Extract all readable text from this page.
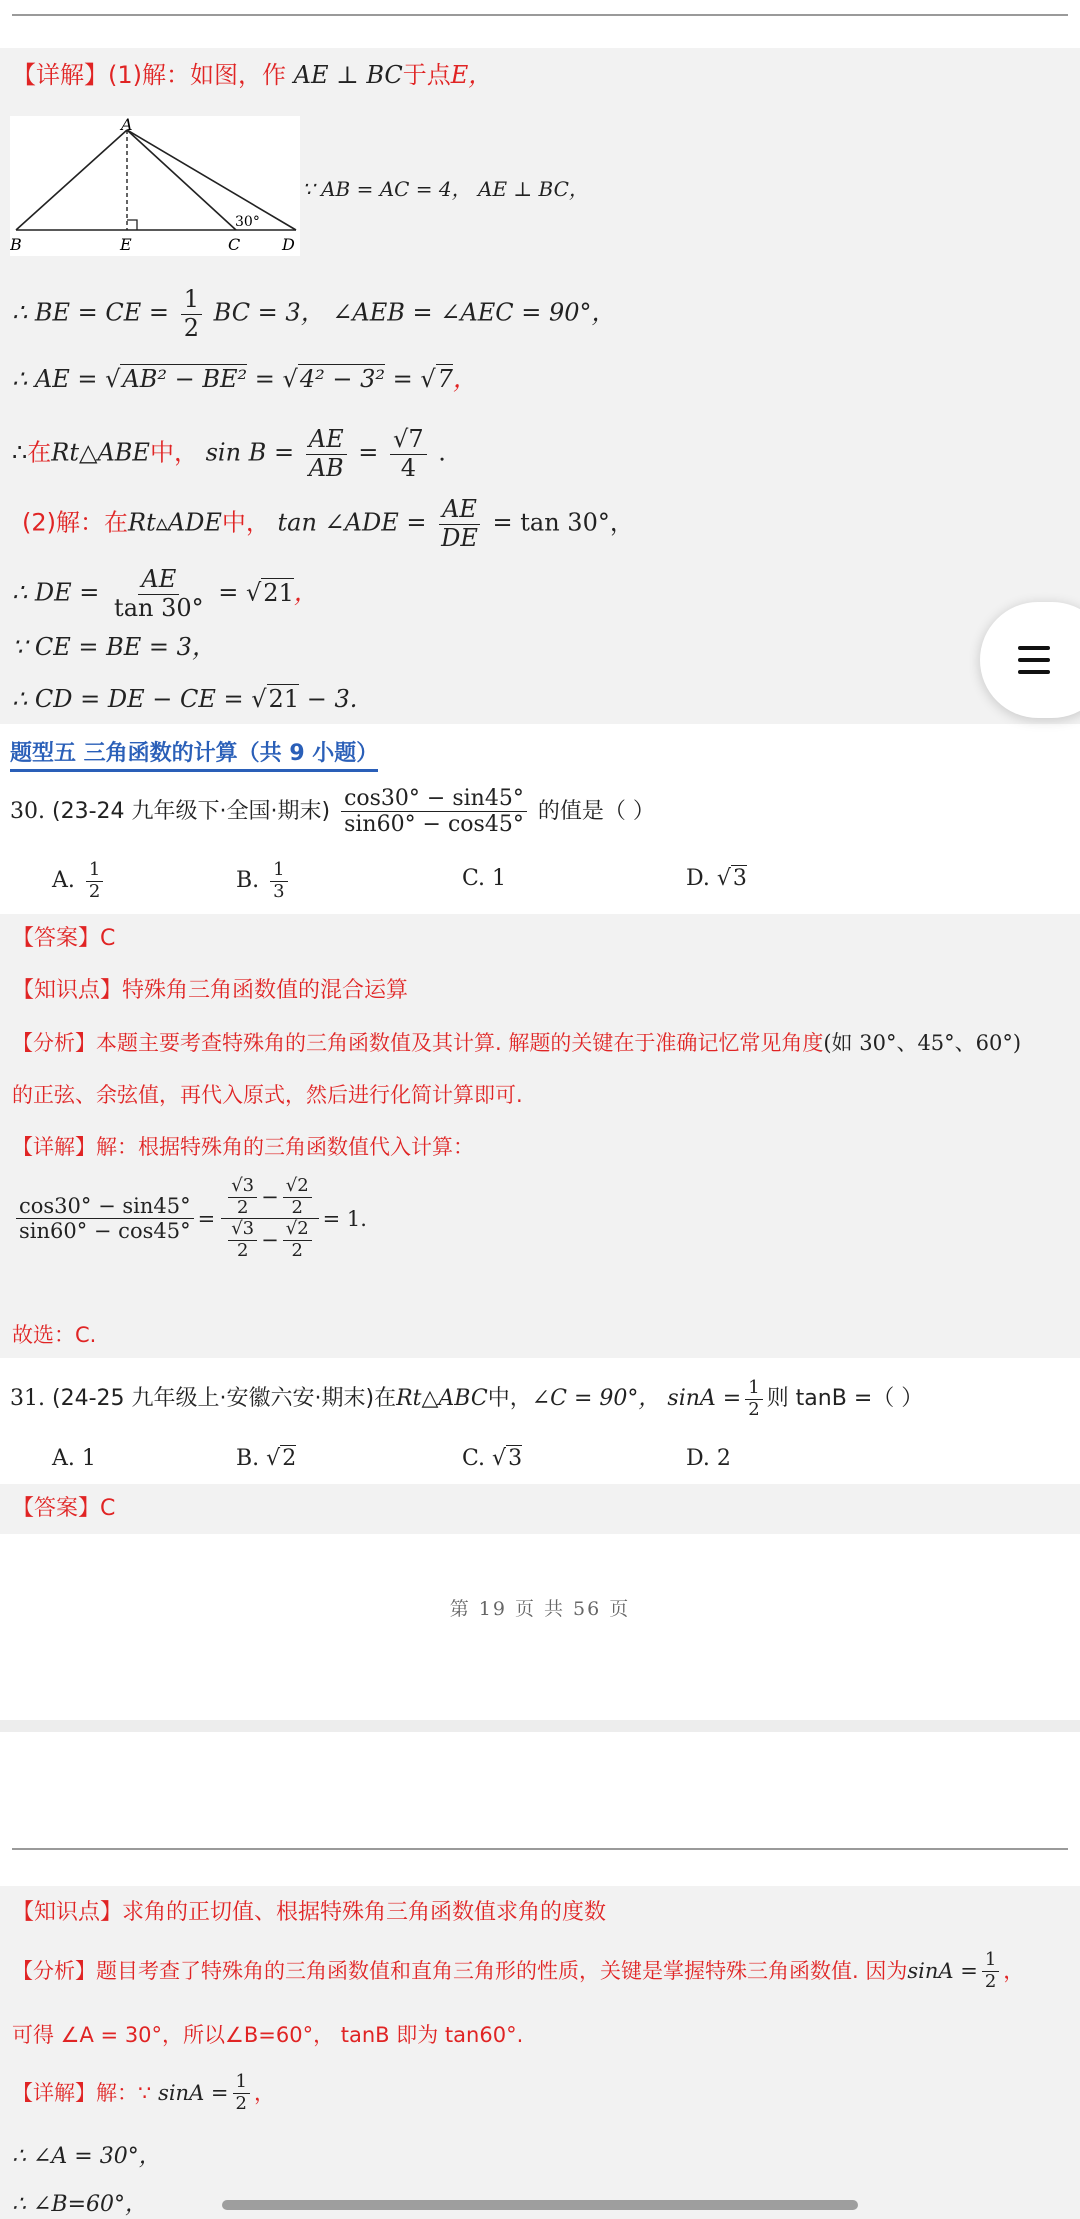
【详解】(1)解：如图，作 AE ⊥ BC于点E，
A
B	E	C	D
30°
∵ AB = AC = 4， AE ⊥ BC，
∴ BE = CE = $\frac{1}{2}$ BC = 3， ∠AEB = ∠AEC = 90°，
∴ AE = √AB² − BE² = √4² − 3² = √7，
∴在Rt△ABE中， $\sin B = \frac{AE}{AB} = \frac{√7}{4}$ .
(2)解：在Rt▵ADE中， tan ∠ADE = $\frac{AE}{DE} = \tan 30^\circ$，
∴ DE = $\frac{AE}{\tan 30^\circ} = √21$，
∵ CE = BE = 3，
∴ CD = DE − CE = √21 − 3.
题型五 三角函数的计算（共 9 小题）
30. (23-24 九年级下·全国·期末) $\frac{\cos 30^\circ - \sin 45^\circ}{\sin 60^\circ - \cos 45^\circ}$ 的值是（ ）
A. $\frac{1}{2}$	B. $\frac{1}{3}$	C. 1	D. √3
【答案】C
【知识点】特殊角三角函数值的混合运算
【分析】本题主要考查特殊角的三角函数值及其计算. 解题的关键在于准确记忆常见角度(如 30°、45°、60°)
的正弦、余弦值，再代入原式，然后进行化简计算即可.
【详解】解：根据特殊角的三角函数值代入计算：
$\frac{\cos 30^\circ - \sin 45^\circ}{\sin 60^\circ - \cos 45^\circ} = \frac{\frac{√3}{2} - \frac{√2}{2}}{\frac{√3}{2} - \frac{√2}{2}} = 1$.
故选：C.
31.
(24-25 九年级上·安徽六安·期末) 在 Rt△ABC 中， ∠C = 90°，
$\sin A = \frac{1}{2}$ 则 tanB =（ ）
A. 1	B. √2	C. √3	D. 2
【答案】C
第 19 页 共 56 页
【知识点】求角的正切值、根据特殊角三角函数值求角的度数
【分析】题目考查了特殊角的三角函数值和直角三角形的性质，关键是掌握特殊三角函数值. 因为 $\sin A = \frac{1}{2}$ ，
可得 ∠A = 30°，所以∠B=60°， tanB 即为 tan60°.
【详解】解：∵
$\sin A = \frac{1}{2}$ ，
∴ ∠A = 30°，
∴ ∠B=60°，
